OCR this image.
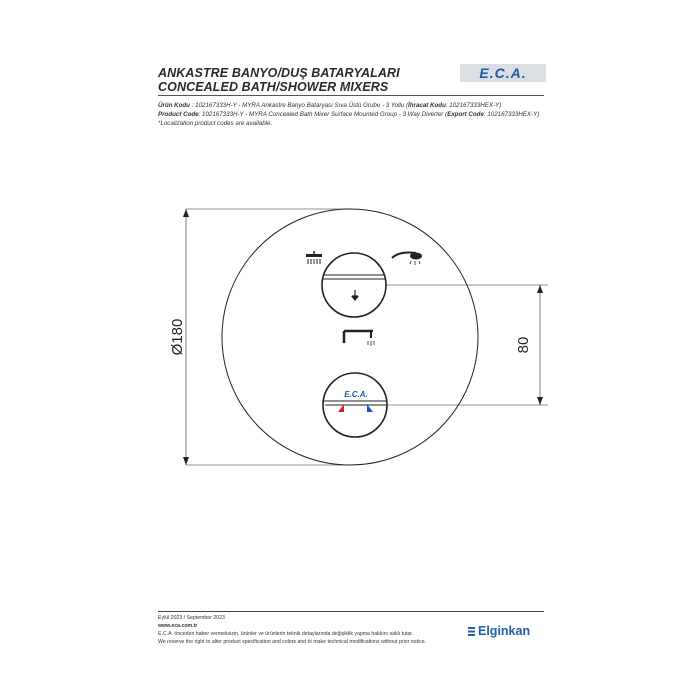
ANKASTRE BANYO/DUŞ BATARYALARI
CONCEALED BATH/SHOWER MIXERS
E.C.A.
Ürün Kodu : 102167333H-Y - MYRA Ankastre Banyo Bataryası Sıva Üstü Grubu - 3 Yollu (İhracat Kodu: 102167333HEX-Y)
Product Code: 102167333H-Y - MYRA Concealed Bath Mixer Surface Mounted Group - 3 Way Diverter (Export Code: 102167333HEX-Y)
*Localization product codes are available.
Ø180
E.C.A.
80
Eylül 2023 / September 2023
www.eca.com.tr
E.C.A. önceden haber vermeksizin, ürünler ve ürünlerin teknik detaylarında değişiklik yapma hakkını saklı tutar.
We reserve the right to alter product specification and colors and to make technical modifications without prior notice.
Elginkan
